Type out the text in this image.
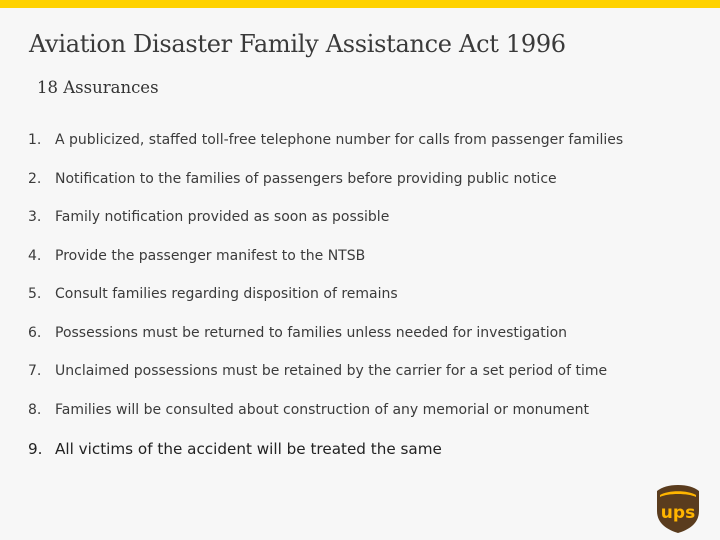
Aviation Disaster Family Assistance Act 1996
18 Assurances
1. A publicized, staffed toll-free telephone number for calls from passenger families
2. Notification to the families of passengers before providing public notice
3. Family notification provided as soon as possible
4. Provide the passenger manifest to the NTSB
5. Consult families regarding disposition of remains
6. Possessions must be returned to families unless needed for investigation
7. Unclaimed possessions must be retained by the carrier for a set period of time
8. Families will be consulted about construction of any memorial or monument
9. All victims of the accident will be treated the same
ups
